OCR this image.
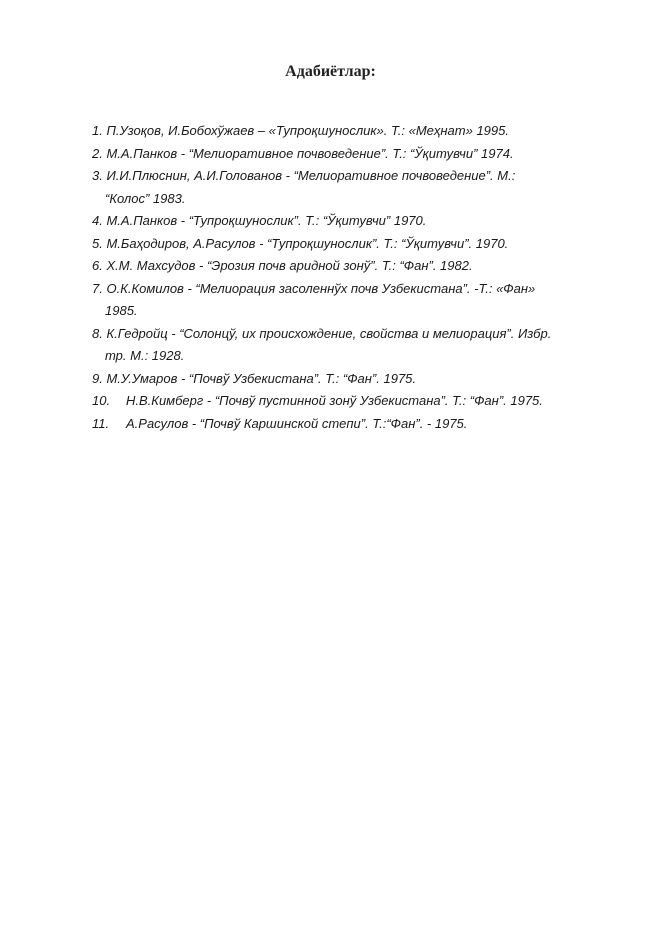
Адабиётлар:
1. П.Узоқов, И.Бобохўжаев – «Тупроқшунослик». Т.: «Меҳнат» 1995.
2. М.А.Панков - “Мелиоративное почвоведение”. Т.: “Ўқитувчи” 1974.
3. И.И.Плюснин, А.И.Голованов - “Мелиоративное почвоведение”. М.:
“Колос” 1983.
4. М.А.Панков - “Тупроқшунослик”. Т.: “Ўқитувчи” 1970.
5. М.Баҳодиров, А.Расулов - “Тупроқшунослик”. Т.: “Ўқитувчи”. 1970.
6. Х.М. Махсудов - “Эрозия почв аридной зонў”. Т.: “Фан”. 1982.
7. О.К.Комилов - “Мелиорация засоленнўх почв Узбекистана”. -Т.: «Фан»
1985.
8. К.Гедройц - “Солонцў, их происхождение, свойства и мелиорация”. Избр.
тр. М.: 1928.
9. М.У.Умаров - “Почвў Узбекистана”. Т.: “Фан”. 1975.
10. Н.В.Кимберг - “Почвў пустинной зонў Узбекистана”. Т.: “Фан”. 1975.
11. А.Расулов - “Почвў Каршинской степи”. Т.:“Фан”. - 1975.
